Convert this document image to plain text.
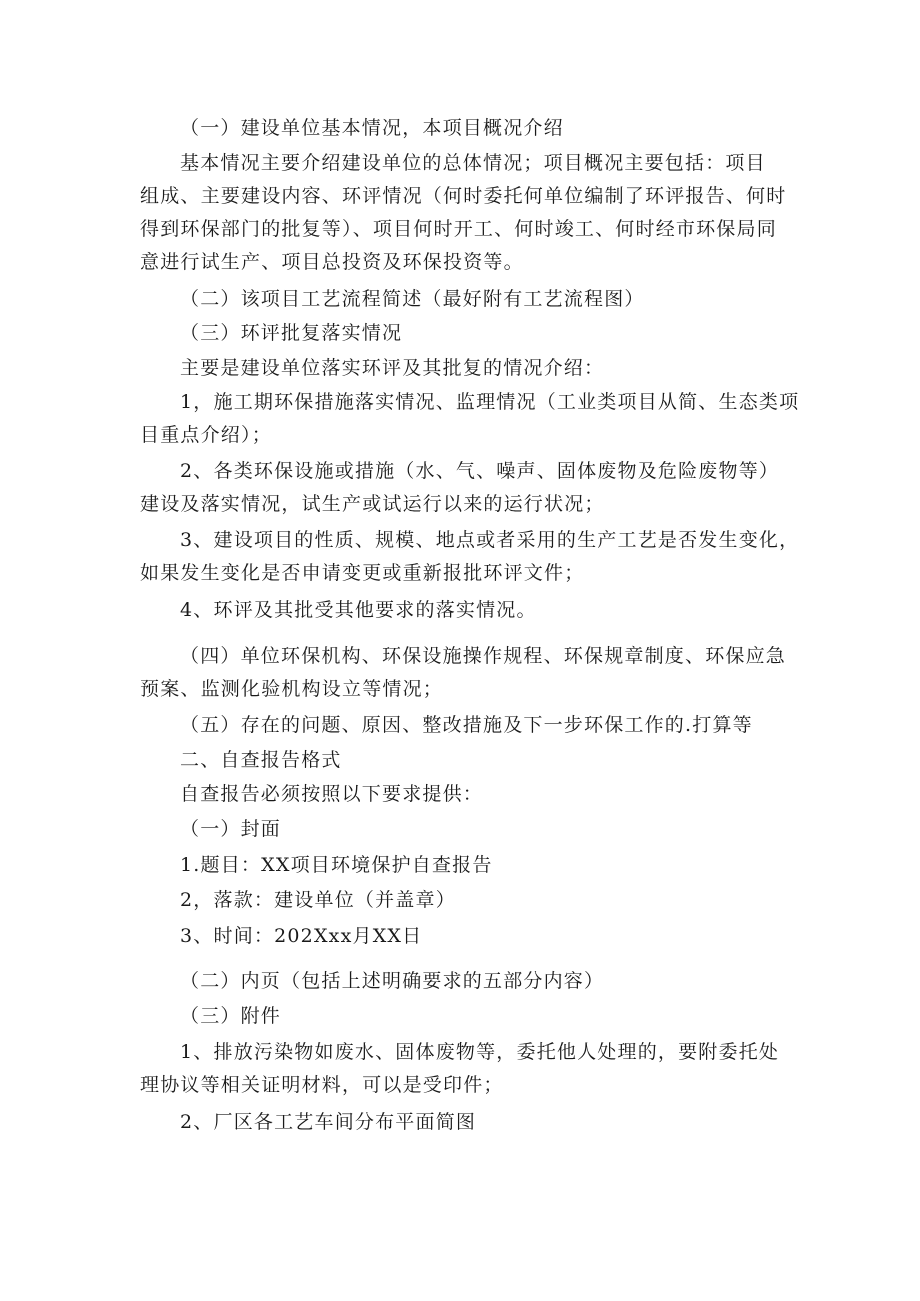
（一）建设单位基本情况，本项目概况介绍
基本情况主要介绍建设单位的总体情况；项目概况主要包括：项目
组成、主要建设内容、环评情况（何时委托何单位编制了环评报告、何时
得到环保部门的批复等）、项目何时开工、何时竣工、何时经市环保局同
意进行试生产、项目总投资及环保投资等。
（二）该项目工艺流程简述（最好附有工艺流程图）
（三）环评批复落实情况
主要是建设单位落实环评及其批复的情况介绍：
1，施工期环保措施落实情况、监理情况（工业类项目从简、生态类项
目重点介绍）；
2、各类环保设施或措施（水、气、噪声、固体废物及危险废物等）
建设及落实情况，试生产或试运行以来的运行状况；
3、建设项目的性质、规模、地点或者采用的生产工艺是否发生变化，
如果发生变化是否申请变更或重新报批环评文件；
4、环评及其批受其他要求的落实情况。
（四）单位环保机构、环保设施操作规程、环保规章制度、环保应急
预案、监测化验机构设立等情况；
（五）存在的问题、原因、整改措施及下一步环保工作的.打算等
二、自查报告格式
自查报告必须按照以下要求提供：
（一）封面
1.题目：XX项目环境保护自查报告
2，落款：建设单位（并盖章）
3、时间：202Xxx月XX日
（二）内页（包括上述明确要求的五部分内容）
（三）附件
1、排放污染物如废水、固体废物等，委托他人处理的，要附委托处
理协议等相关证明材料，可以是受印件；
2、厂区各工艺车间分布平面简图
